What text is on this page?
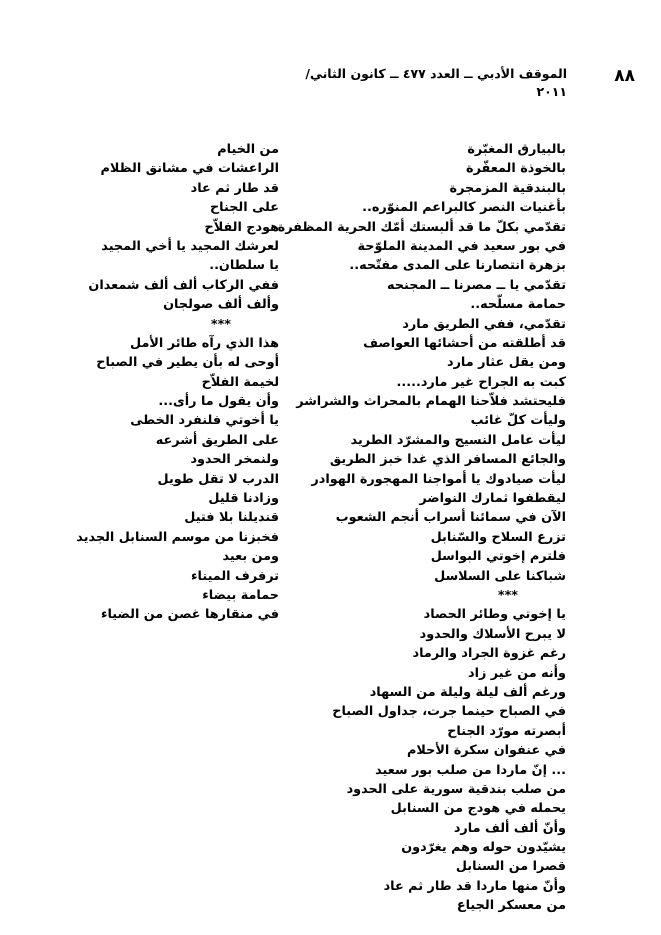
٨٨
الموقف الأدبي ــ العدد ٤٧٧ ــ كانون الثاني/
٢٠١١
بالبيارق المغبّرة
بالخوذة المعفّرة
بالبندقية المزمجرة
بأغنيات النصر كالبراعم المنوّره..
تقدّمي بكلّ ما قد ألبستك أمّك الحرية المظفرة
في بور سعيد في المدينة الملوّحة
بزهرة انتصارنا على المدى مفتّحه..
تقدّمي يا ــ مصرنا ــ المجنحه
حمامة مسلّحه..
تقدّمي، ففي الطريق مارد
قد أطلقته من أحشائها العواصف
ومن يقل عثار مارد
كبت به الجراح غير مارد.....
فليحتشد فلاّحنا الهمام بالمحراث والشراشر
وليأت كلّ غائب
ليأت عامل النسيج والمشرّد الطريد
والجائع المسافر الذي غدا خبز الطريق
ليأت صيادوك يا أمواجنا المهجورة الهوادر
ليقطفوا ثمارك النواضر
الآن في سمائنا أسراب أنجم الشعوب
تزرع السلاح والسّنابل
فلترم إخوتي البواسل
شباكنا على السلاسل
***
يا إخوتي وطائر الحصاد
لا يبرح الأسلاك والحدود
رغم غزوة الجراد والرماد
وأنه من غير زاد
ورغم ألف ليلة وليلة من السهاد
في الصباح حينما جرت، جداول الصباح
أبصرته مورّد الجناح
في عنفوان سكرة الأحلام
... إنّ ماردا من صلب بور سعيد
من صلب بندقية سورية على الحدود
يحمله في هودج من السنابل
وأنّ ألف ألف مارد
يشيّدون حوله وهم يغرّدون
قصرا من السنابل
وأنّ منها ماردا قد طار ثم عاد
من معسكر الجياع
من الخيام
الراعشات في مشانق الظلام
قد طار ثم عاد
على الجناح
هودج الفلاّح
لعرشك المجيد يا أخي المجيد
يا سلطان..
ففي الركاب ألف ألف شمعدان
وألف ألف صولجان
***
هذا الذي رآه طائر الأمل
أوحى له بأن يطير في الصباح
لخيمة الفلاّح
وأن يقول ما رأى...
يا أخوتي فلنفرد الخطى
على الطريق أشرعه
ولنمخر الحدود
الدرب لا تقل طويل
وزادنا قليل
قنديلنا بلا فتيل
فخبزنا من موسم السنابل الجديد
ومن بعيد
ترفرف الميناء
حمامة بيضاء
في منقارها غصن من الضياء
